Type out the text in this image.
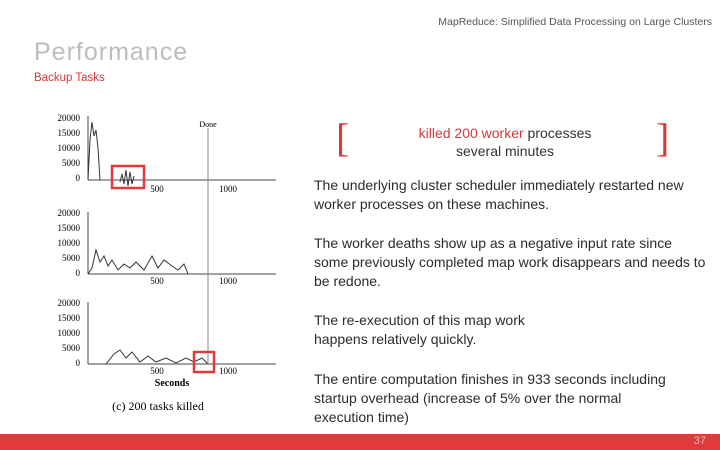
MapReduce: Simplified Data Processing on Large Clusters
Performance
Backup Tasks
20000
15000
10000
5000
0
500	1000
Done
20000
15000
10000
5000
0
500	1000
20000
15000
10000
5000
0
500	1000
Seconds
(c) 200 tasks killed
[	]
killed 200 worker processes
several minutes
The underlying cluster scheduler immediately restarted new worker processes on these machines.
The worker deaths show up as a negative input rate since some previously completed map work disappears and needs to be redone.
The re-execution of this map work happens relatively quickly.
The entire computation finishes in 933 seconds including startup overhead (increase of 5% over the normal execution time)
37
